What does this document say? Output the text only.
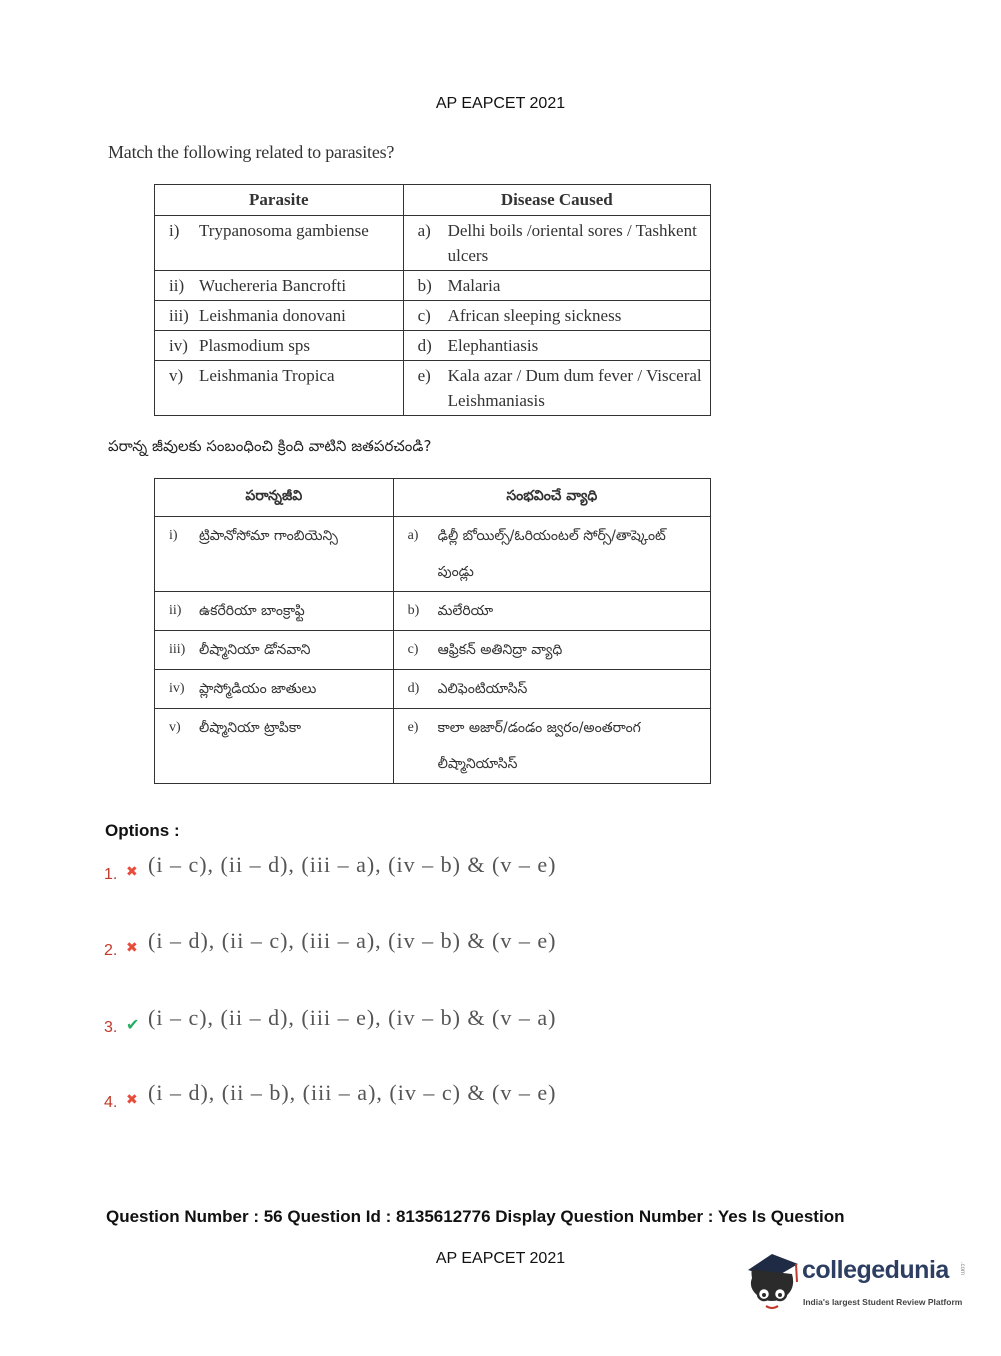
AP EAPCET 2021
Match the following related to parasites?
Parasite	Disease Caused

i) Trypanosoma gambiense	a) Delhi boils /oriental sores / Tashkent ulcers

ii) Wuchereria Bancrofti	b) Malaria

iii) Leishmania donovani	c) African sleeping sickness

iv) Plasmodium sps	d) Elephantiasis

v) Leishmania Tropica	e) Kala azar / Dum dum fever / Visceral Leishmaniasis
పరాన్న జీవులకు సంబంధించి క్రింది వాటిని జతపరచండి?
పరాన్నజీవి	సంభవించే వ్యాధి

i) ట్రిపానోసోమా గాంబియెన్సి	a) ఢిల్లీ బోయిల్స్/ఓరియంటల్ సోర్స్/తాష్కెంట్ పుండ్లు

ii) ఉకరేరియా బాంక్రాఫ్టి	b) మలేరియా

iii) లీష్మానియా డోనవాని	c) ఆఫ్రికన్ అతినిద్రా వ్యాధి

iv) ప్లాస్మోడియం జాతులు	d) ఎలిఫెంటియాసిస్

v) లీష్మానియా ట్రాపికా	e) కాలా అజార్/డండం జ్వరం/అంతరాంగ లీష్మానియాసిస్
Options :
1. ✖ (i – c), (ii – d), (iii – a), (iv – b) & (v – e)
2. ✖ (i – d), (ii – c), (iii – a), (iv – b) & (v – e)
3. ✔ (i – c), (ii – d), (iii – e), (iv – b) & (v – a)
4. ✖ (i – d), (ii – b), (iii – a), (iv – c) & (v – e)
Question Number : 56 Question Id : 8135612776 Display Question Number : Yes Is Question
AP EAPCET 2021	collegedunia .com
India's largest Student Review Platform
